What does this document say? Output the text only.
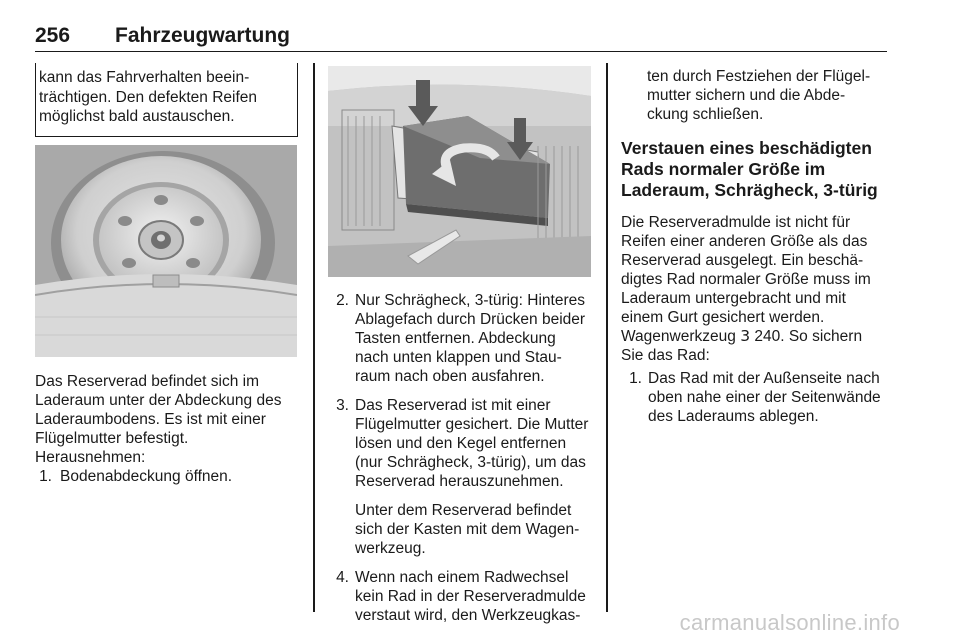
256 Fahrzeugwartung
kann das Fahrverhalten beein-
trächtigen. Den defekten Reifen
möglichst bald austauschen.

Das Reserverad befindet sich im
Laderaum unter der Abdeckung des
Laderaumbodens. Es ist mit einer
Flügelmutter befestigt.

Herausnehmen:

1. Bodenabdeckung öffnen.
2. Nur Schrägheck, 3-türig: Hinteres
Ablagefach durch Drücken beider
Tasten entfernen. Abdeckung
nach unten klappen und Stau-
raum nach oben ausfahren.
3. Das Reserverad ist mit einer
Flügelmutter gesichert. Die Mutter
lösen und den Kegel entfernen
(nur Schrägheck, 3-türig), um das
Reserverad herauszunehmen.

Unter dem Reserverad befindet
sich der Kasten mit dem Wagen-
werkzeug.

4. Wenn nach einem Radwechsel
kein Rad in der Reserveradmulde
verstaut wird, den Werkzeugkas-

ten durch Festziehen der Flügel-
mutter sichern und die Abde-
ckung schließen.

Verstauen eines beschädigten
Rads normaler Größe im
Laderaum, Schrägheck, 3-türig

Die Reserveradmulde ist nicht für
Reifen einer anderen Größe als das
Reserverad ausgelegt. Ein beschä-
digtes Rad normaler Größe muss im
Laderaum untergebracht und mit
einem Gurt gesichert werden.
Wagenwerkzeug 3 240. So sichern
Sie das Rad:

1. Das Rad mit der Außenseite nach
oben nahe einer der Seitenwände
des Laderaums ablegen.
carmanualsonline.info
